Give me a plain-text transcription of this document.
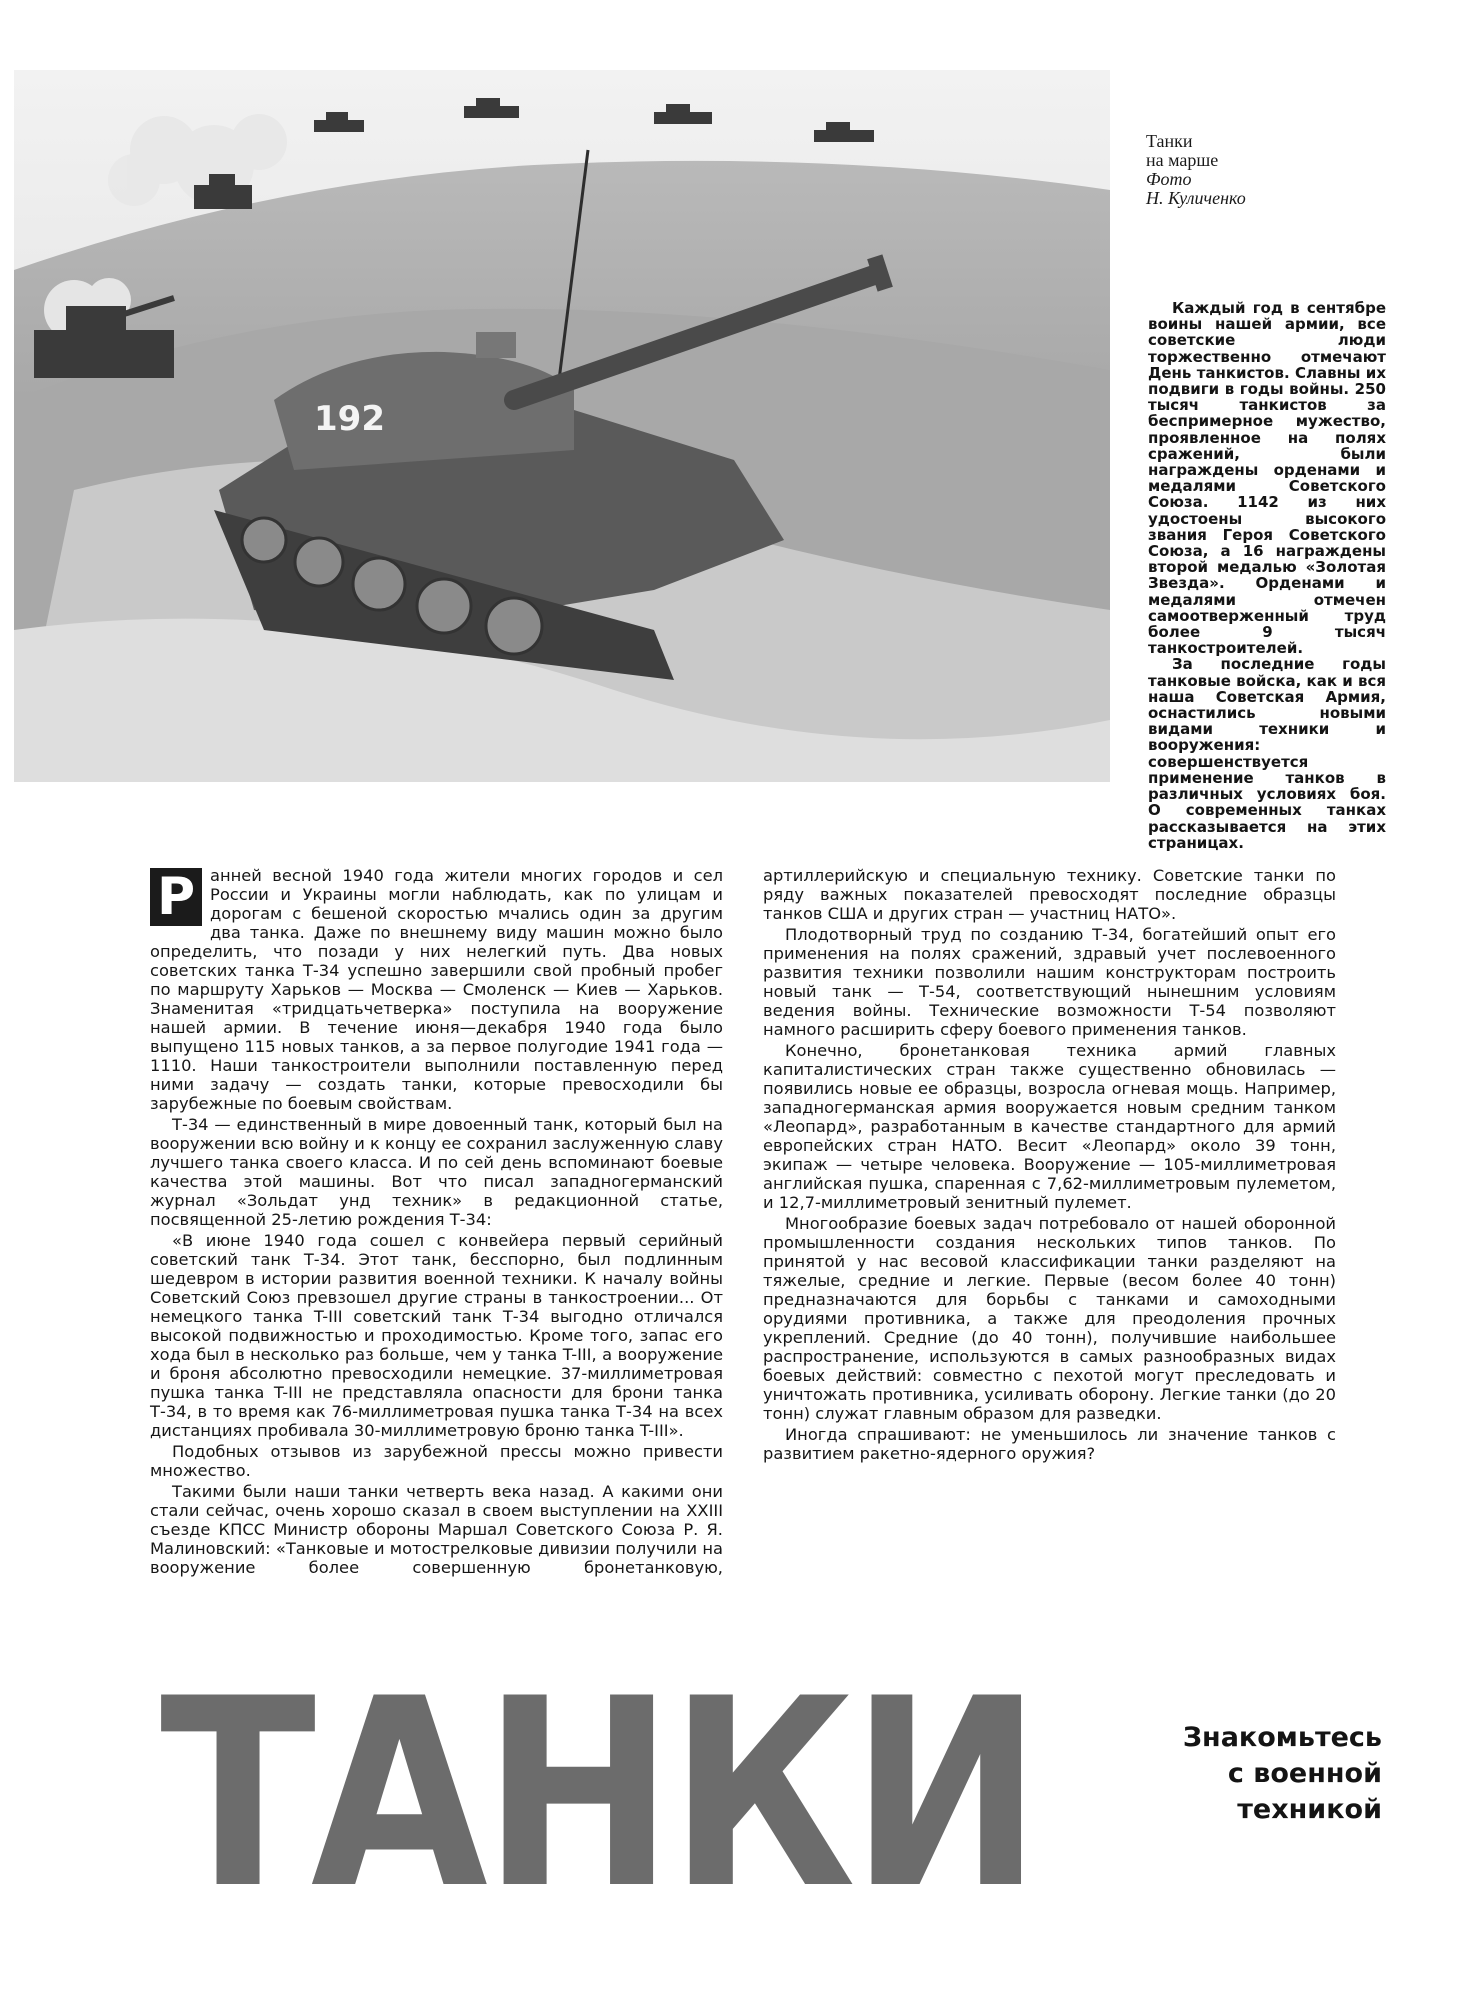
192
Танки
на марше
Фото
Н. Куличенко

Каждый год в сентябре воины нашей армии, все советские люди торжественно отмечают День танкистов. Славны их подвиги в годы войны. 250 тысяч танкистов за беспримерное мужество, проявленное на полях сражений, были награждены орденами и медалями Советского Союза. 1142 из них удостоены высокого звания Героя Советского Союза, а 16 награждены второй медалью «Золотая Звезда». Орденами и медалями отмечен самоотверженный труд более 9 тысяч танкостроителей.

За последние годы танковые войска, как и вся наша Советская Армия, оснастились новыми видами техники и вооружения: совершенствуется применение танков в различных условиях боя. О современных танках рассказывается на этих страницах.

Р анней весной 1940 года жители многих городов и сел России и Украины могли наблюдать, как по улицам и дорогам с бешеной скоростью мчались один за другим два танка. Даже по внешнему виду машин можно было определить, что позади у них нелегкий путь. Два новых советских танка Т-34 успешно завершили свой пробный пробег по маршруту Харьков — Москва — Смоленск — Киев — Харьков. Знаменитая «тридцатьчетверка» поступила на вооружение нашей армии. В течение июня—декабря 1940 года было выпущено 115 новых танков, а за первое полугодие 1941 года — 1110. Наши танкостроители выполнили поставленную перед ними задачу — создать танки, которые превосходили бы зарубежные по боевым свойствам.

Т-34 — единственный в мире довоенный танк, который был на вооружении всю войну и к концу ее сохранил заслуженную славу лучшего танка своего класса. И по сей день вспоминают боевые качества этой машины. Вот что писал западногерманский журнал «Зольдат унд техник» в редакционной статье, посвященной 25-летию рождения Т-34:

«В июне 1940 года сошел с конвейера первый серийный советский танк Т-34. Этот танк, бесспорно, был подлинным шедевром в истории развития военной техники. К началу войны Советский Союз превзошел другие страны в танкостроении... От немецкого танка T-III советский танк Т-34 выгодно отличался высокой подвижностью и проходимостью. Кроме того, запас его хода был в несколько раз больше, чем у танка T-III, а вооружение и броня абсолютно превосходили немецкие. 37-миллиметровая пушка танка T-III не представляла опасности для брони танка Т-34, в то время как 76-миллиметровая пушка танка Т-34 на всех дистанциях пробивала 30-миллиметровую броню танка T-III».

Подобных отзывов из зарубежной прессы можно привести множество.

Такими были наши танки четверть века назад. А какими они стали сейчас, очень хорошо сказал в своем выступлении на XXIII съезде КПСС Министр обороны Маршал Советского Союза Р. Я. Малиновский: «Танковые и мотострелковые дивизии получили на вооружение более совершенную бронетанковую, артиллерийскую и специальную технику. Советские танки по ряду важных показателей превосходят последние образцы танков США и других стран — участниц НАТО».

Плодотворный труд по созданию Т-34, богатейший опыт его применения на полях сражений, здравый учет послевоенного развития техники позволили нашим конструкторам построить новый танк — Т-54, соответствующий нынешним условиям ведения войны. Технические возможности Т-54 позволяют намного расширить сферу боевого применения танков.

Конечно, бронетанковая техника армий главных капиталистических стран также существенно обновилась — появились новые ее образцы, возросла огневая мощь. Например, западногерманская армия вооружается новым средним танком «Леопард», разработанным в качестве стандартного для армий европейских стран НАТО. Весит «Леопард» около 39 тонн, экипаж — четыре человека. Вооружение — 105-миллиметровая английская пушка, спаренная с 7,62-миллиметровым пулеметом, и 12,7-миллиметровый зенитный пулемет.

Многообразие боевых задач потребовало от нашей оборонной промышленности создания нескольких типов танков. По принятой у нас весовой классификации танки разделяют на тяжелые, средние и легкие. Первые (весом более 40 тонн) предназначаются для борьбы с танками и самоходными орудиями противника, а также для преодоления прочных укреплений. Средние (до 40 тонн), получившие наибольшее распространение, используются в самых разнообразных видах боевых действий: совместно с пехотой могут преследовать и уничтожать противника, усиливать оборону. Легкие танки (до 20 тонн) служат главным образом для разведки.

Иногда спрашивают: не уменьшилось ли значение танков с развитием ракетно-ядерного оружия?

ТАНКИ	Знакомьтесь
с военной
техникой
